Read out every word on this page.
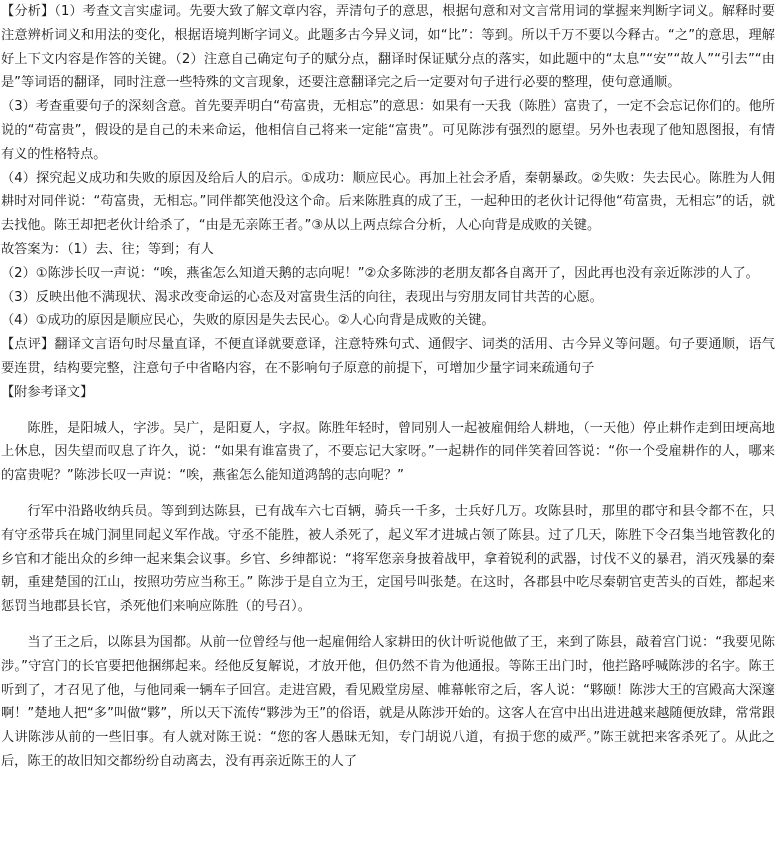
【分析】（1）考查文言实虚词。先要大致了解文章内容，弄清句子的意思，根据句意和对文言常用词的掌握来判断字词义。解释时要注意辨析词义和用法的变化，根据语境判断字词义。此题多古今异义词，如“比”：等到。所以千万不要以今释古。“之”的意思，理解好上下文内容是作答的关键。（2）注意自己确定句子的赋分点，翻译时保证赋分点的落实，如此题中的“太息”“安”“故人”“引去”“由是”等词语的翻译，同时注意一些特殊的文言现象，还要注意翻译完之后一定要对句子进行必要的整理，使句意通顺。

（3）考查重要句子的深刻含意。首先要弄明白“苟富贵，无相忘”的意思：如果有一天我（陈胜）富贵了，一定不会忘记你们的。他所说的“苟富贵”，假设的是自己的未来命运，他相信自己将来一定能“富贵”。可见陈涉有强烈的愿望。另外也表现了他知恩图报，有情有义的性格特点。

（4）探究起义成功和失败的原因及给后人的启示。①成功：顺应民心。再加上社会矛盾，秦朝暴政。②失败：失去民心。陈胜为人佣耕时对同伴说：“苟富贵，无相忘。”同伴都笑他没这个命。后来陈胜真的成了王，一起种田的老伙计记得他“苟富贵，无相忘”的话，就去找他。陈王却把老伙计给杀了，“由是无亲陈王者。”③从以上两点综合分析，人心向背是成败的关键。

故答案为：（1）去、往；等到；有人

（2）①陈涉长叹一声说：“唉，燕雀怎么知道天鹅的志向呢！”②众多陈涉的老朋友都各自离开了，因此再也没有亲近陈涉的人了。

（3）反映出他不满现状、渴求改变命运的心态及对富贵生活的向往，表现出与穷朋友同甘共苦的心愿。

（4）①成功的原因是顺应民心，失败的原因是失去民心。②人心向背是成败的关键。

【点评】翻译文言语句时尽量直译，不便直译就要意译，注意特殊句式、通假字、词类的活用、古今异义等问题。句子要通顺，语气要连贯，结构要完整，注意句子中省略内容，在不影响句子原意的前提下，可增加少量字词来疏通句子

【附参考译文】

陈胜，是阳城人，字涉。吴广，是阳夏人，字叔。陈胜年轻时，曾同别人一起被雇佣给人耕地，（一天他）停止耕作走到田埂高地上休息，因失望而叹息了许久，说：“如果有谁富贵了，不要忘记大家呀。”一起耕作的同伴笑着回答说：“你一个受雇耕作的人，哪来的富贵呢？”陈涉长叹一声说：“唉，燕雀怎么能知道鸿鹄的志向呢？”

行军中沿路收纳兵员。等到到达陈县，已有战车六七百辆，骑兵一千多，士兵好几万。攻陈县时，那里的郡守和县令都不在，只有守丞带兵在城门洞里同起义军作战。守丞不能胜，被人杀死了，起义军才进城占领了陈县。过了几天，陈胜下令召集当地管教化的乡官和才能出众的乡绅一起来集会议事。乡官、乡绅都说：“将军您亲身披着战甲，拿着锐利的武器，讨伐不义的暴君，消灭残暴的秦朝，重建楚国的江山，按照功劳应当称王。” 陈涉于是自立为王，定国号叫张楚。在这时，各郡县中吃尽秦朝官吏苦头的百姓，都起来惩罚当地郡县长官，杀死他们来响应陈胜（的号召）。

当了王之后，以陈县为国都。从前一位曾经与他一起雇佣给人家耕田的伙计听说他做了王，来到了陈县，敲着宫门说：“我要见陈涉。”守宫门的长官要把他捆绑起来。经他反复解说，才放开他，但仍然不肯为他通报。等陈王出门时，他拦路呼喊陈涉的名字。陈王听到了，才召见了他，与他同乘一辆车子回宫。走进宫殿，看见殿堂房屋、帷幕帐帘之后，客人说：“夥颐！陈涉大王的宫殿高大深邃啊！”楚地人把“多”叫做“夥”，所以天下流传“夥涉为王”的俗语，就是从陈涉开始的。这客人在宫中出出进进越来越随便放肆，常常跟人讲陈涉从前的一些旧事。有人就对陈王说：“您的客人愚昧无知，专门胡说八道，有损于您的威严。”陈王就把来客杀死了。从此之后，陈王的故旧知交都纷纷自动离去，没有再亲近陈王的人了
